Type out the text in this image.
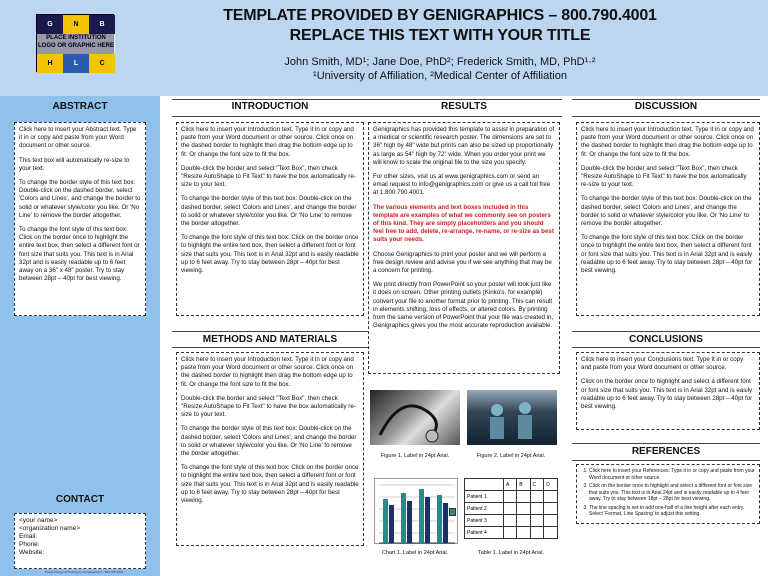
G	N	B
H	L	C
PLACE INSTITUTION LOGO OR GRAPHIC HERE
TEMPLATE PROVIDED BY GENIGRAPHICS – 800.790.4001
REPLACE THIS TEXT WITH YOUR TITLE
John Smith, MD¹; Jane Doe, PhD²; Frederick Smith, MD, PhD¹·²
¹University of Affiliation, ²Medical Center of Affiliation
ABSTRACT

Click here to insert your Abstract text. Type it in or copy and paste from your Word document or other source.

This text box will automatically re-size to your text.

To change the border style of this text box: Double-click on the dashed border, select 'Colors and Lines', and change the border to solid or whatever style/color you like. Or 'No Line' to remove the border altogether.

To change the font style of this text box: Click on the border once to highlight the entire text box, then select a different font or font size that suits you. This text is in Arial 32pt and is easily readable up to 6 feet away on a 36" x 48" poster. Try to stay between 28pt – 40pt for best viewing.

CONTACT
<your name>
<organization name>
Email:
Phone:
Website:
Poster Design & Printing by Genigraphics® - 800.790.4001
INTRODUCTION

Click here to insert your Introduction text. Type it in or copy and paste from your Word document or other source. Click once on the dashed border to highlight then drag the bottom edge up to fit. Or change the font size to fit the box.

Double-click the border and select "Text Box", then check "Resize AutoShape to Fit Text" to have the box automatically re-size to your text.

To change the border style of this text box: Double-click on the dashed border, select 'Colors and Lines', and change the border to solid or whatever style/color you like. Or 'No Line' to remove the border altogether.

To change the font style of this text box: Click on the border once to highlight the entire text box, then select a different font or font size that suits you. This text is in Arial 32pt and is easily readable up to 6 feet away. Try to stay between 28pt – 40pt for best viewing.

METHODS AND MATERIALS

Click here to insert your Introduction text. Type it in or copy and paste from your Word document or other source. Click once on the dashed border to highlight then drag the bottom edge up to fit. Or change the font size to fit the box.

Double-click the border and select "Text Box", then check "Resize AutoShape to Fit Text" to have the box automatically re-size to your text.

To change the border style of this text box: Double-click on the dashed border, select 'Colors and Lines', and change the border to solid or whatever style/color you like. Or 'No Line' to remove the border altogether.

To change the font style of this text box: Click on the border once to highlight the entire text box, then select a different font or font size that suits you. This text is in Arial 32pt and is easily readable up to 6 feet away. Try to stay between 28pt – 40pt for best viewing.

RESULTS

Genigraphics has provided this template to assist in preparation of a medical or scientific research poster. The dimensions are set to 36" high by 48" wide but prints can also be sized up proportionally as large as 54" high by 72" wide. When you order your print we will know to scale the original file to the size you specify.

For other sizes, visit us at www.genigraphics.com or send an email request to info@genigraphics.com or give us a call toll free at 1.800.790.4001.

The various elements and text boxes included in this template are examples of what we commonly see on posters of this kind. They are simply placeholders and you should feel free to add, delete, re-arrange, re-name, or re-size as best suits your needs.

Choose Genigraphics to print your poster and we will perform a free design review and advise you if we see anything that may be a concern for printing.

We print directly from PowerPoint so your poster will look just like it does on screen. Other printing outlets (Kinko's, for example) convert your file to another format prior to printing. This can result in elements shifting, loss of effects, or altered colors. By printing from the same version of PowerPoint that your file was created in, Genigraphics gives you the most accurate reproduction available.

Figure 1. Label in 24pt Arial.	Figure 2. Label in 24pt Arial.
Chart 1. Label in 24pt Arial.
	A	B	C	D
Patient 1				
Patient 2				
Patient 3				
Patient 4				
Table 1. Label in 24pt Arial.
DISCUSSION

Click here to insert your Introduction text. Type it in or copy and paste from your Word document or other source. Click once on the dashed border to highlight then drag the bottom edge up to fit. Or change the font size to fit the box.

Double-click the border and select "Text Box", then check "Resize AutoShape to Fit Text" to have the box automatically re-size to your text.

To change the border style of this text box: Double-click on the dashed border, select 'Colors and Lines', and change the border to solid or whatever style/color you like. Or 'No Line' to remove the border altogether.

To change the font style of this text box: Click on the border once to highlight the entire text box, then select a different font or font size that suits you. This text is in Arial 32pt and is easily readable up to 6 feet away. Try to stay between 28pt – 40pt for best viewing.

CONCLUSIONS

Click here to insert your Conclusions text. Type it in or copy and paste from your Word document or other source.

Click on the border once to highlight and select a different font or font size that suits you. This text is in Arial 32pt and is easily readable up to 6 feet away. Try to stay between 28pt – 40pt for best viewing.

REFERENCES
1. Click here to insert your References. Type it in or copy and paste from your Word document or other source.
2. Click on the border once to highlight and select a different font or font size that suits you. This text is in Arial 24pt and is easily readable up to 4 feet away. Try to stay between 18pt – 28pt for best viewing.
3. The line spacing is set to add one-half of a line height after each entry. Select 'Format, Line Spacing' to adjust this setting.
